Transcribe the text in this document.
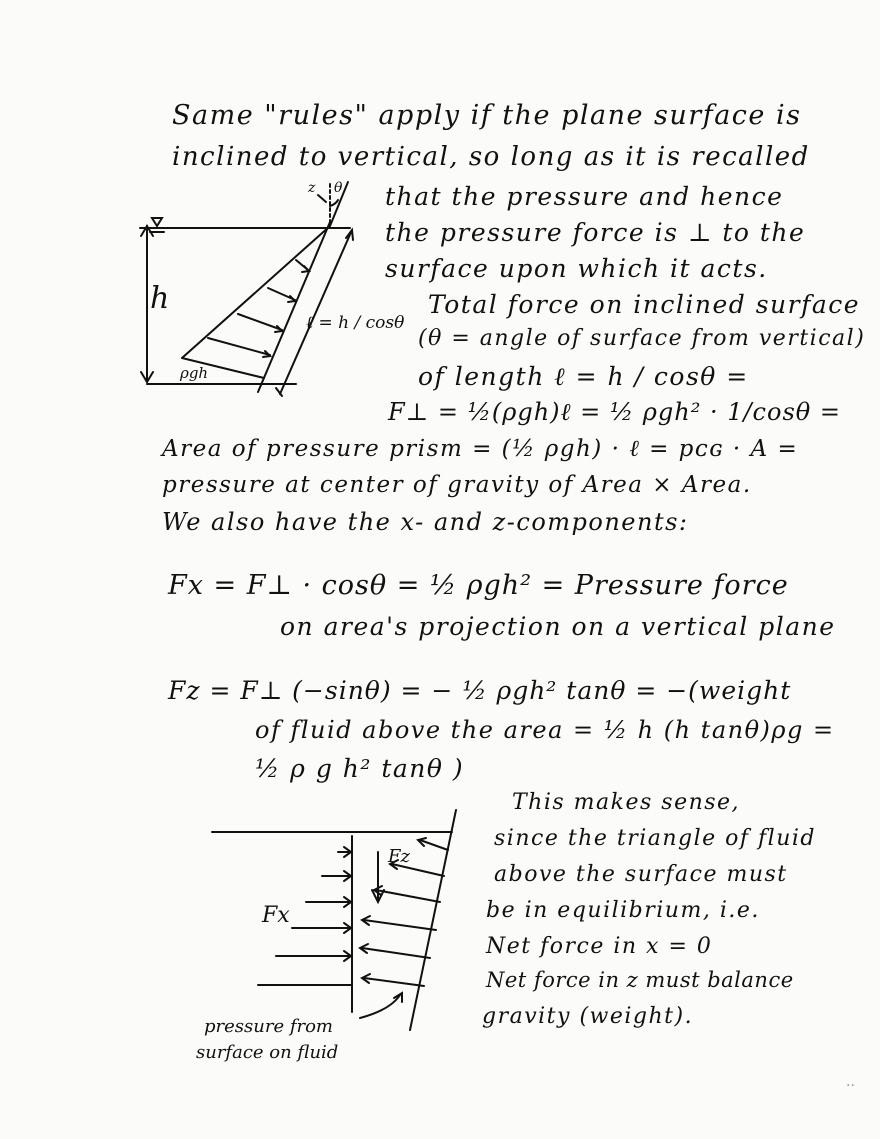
Same "rules" apply if the plane surface is
inclined to vertical, so long as it is recalled
that the pressure and hence
the pressure force is ⊥ to the
surface upon which it acts.
Total force on inclined surface
(θ = angle of surface from vertical)
of length ℓ = h / cosθ =
F⊥ = ½(ρgh)ℓ = ½ ρgh² · 1/cosθ =
Area of pressure prism = (½ ρgh) · ℓ = pᴄɢ · A =
pressure at center of gravity of Area × Area.
We also have the x- and z-components:
Fx = F⊥ · cosθ = ½ ρgh² = Pressure force
on area's projection on a vertical plane
Fz = F⊥ (−sinθ) = − ½ ρgh² tanθ = −(weight
of fluid above the area = ½ h (h tanθ)ρg =
½ ρ g h² tanθ )
This makes sense,
since the triangle of fluid
above the surface must
be in equilibrium, i.e.
Net force in x = 0
Net force in z must balance
gravity (weight).
h
ρgh
ℓ = h / cosθ
z θ
Fx
Fz
pressure from
surface on fluid
..
